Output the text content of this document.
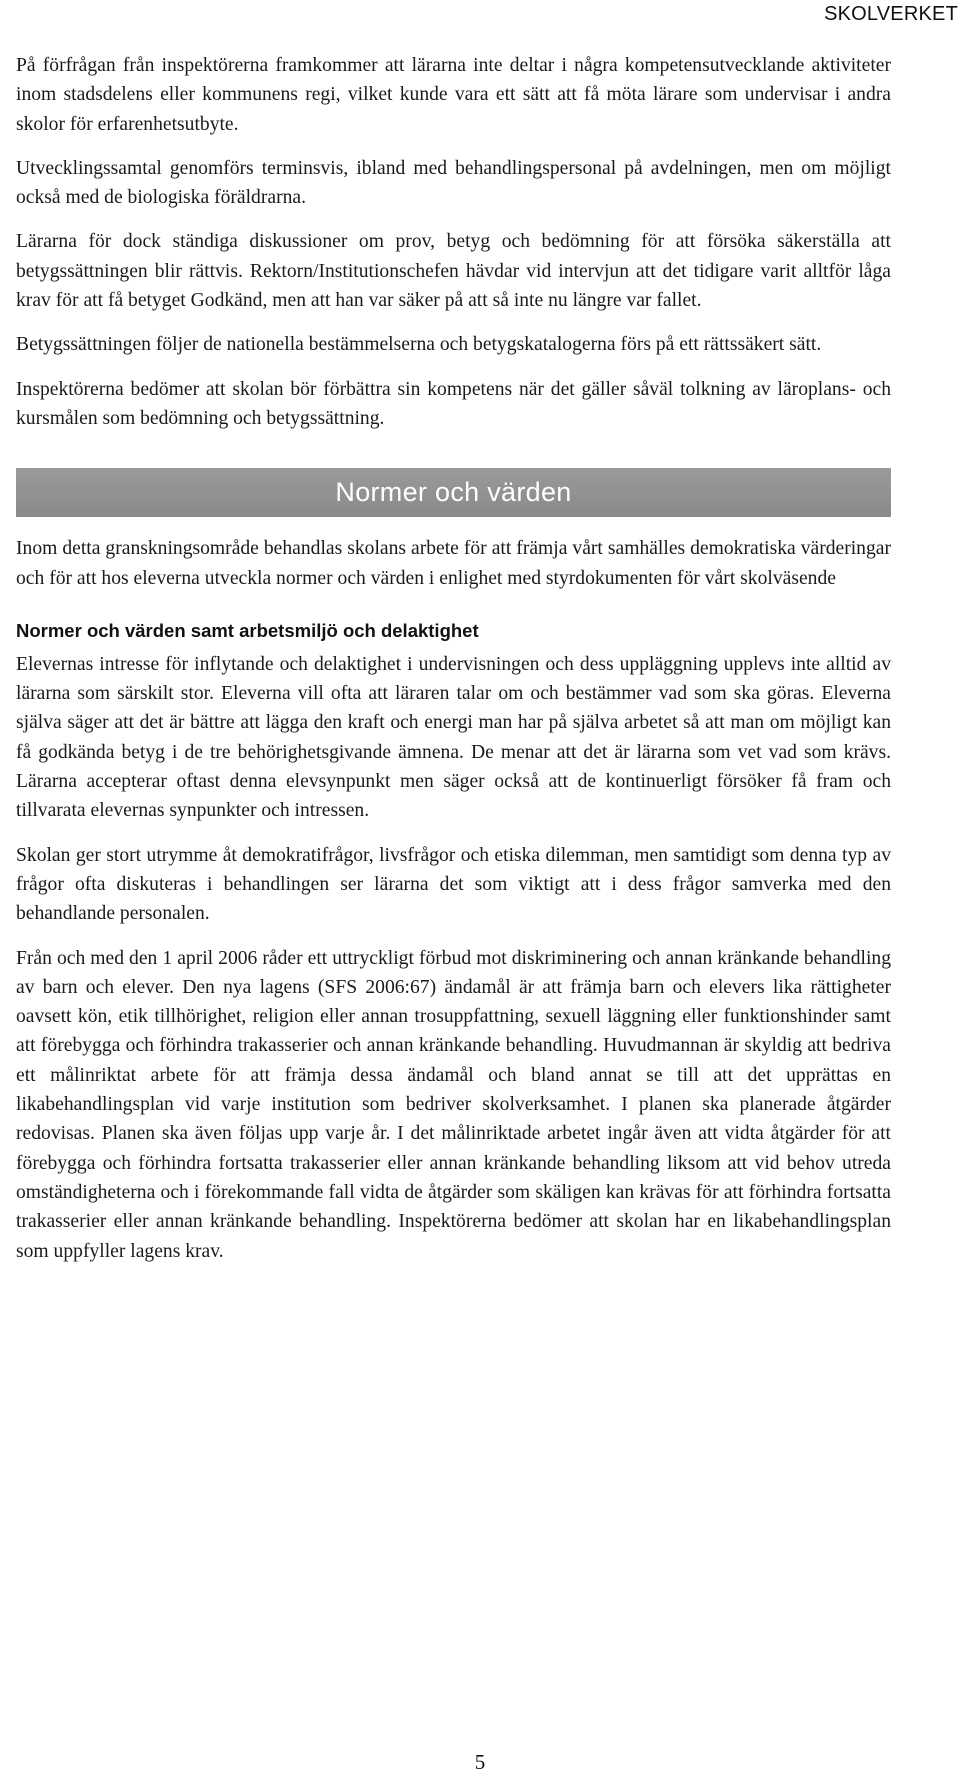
SKOLVERKET

På förfrågan från inspektörerna framkommer att lärarna inte deltar i några kompetensutvecklande aktiviteter inom stadsdelens eller kommunens regi, vilket kunde vara ett sätt att få möta lärare som undervisar i andra skolor för erfarenhetsutbyte.

Utvecklingssamtal genomförs terminsvis, ibland med behandlingspersonal på avdelningen, men om möjligt också med de biologiska föräldrarna.

Lärarna för dock ständiga diskussioner om prov, betyg och bedömning för att försöka säkerställa att betygssättningen blir rättvis. Rektorn/Institutionschefen hävdar vid intervjun att det tidigare varit alltför låga krav för att få betyget Godkänd, men att han var säker på att så inte nu längre var fallet.

Betygssättningen följer de nationella bestämmelserna och betygskatalogerna förs på ett rättssäkert sätt.

Inspektörerna bedömer att skolan bör förbättra sin kompetens när det gäller såväl tolkning av läroplans- och kursmålen som bedömning och betygssättning.

Normer och värden

Inom detta granskningsområde behandlas skolans arbete för att främja vårt samhälles demokratiska värderingar och för att hos eleverna utveckla normer och värden i enlighet med styrdokumenten för vårt skolväsende

Normer och värden samt arbetsmiljö och delaktighet

Elevernas intresse för inflytande och delaktighet i undervisningen och dess uppläggning upplevs inte alltid av lärarna som särskilt stor. Eleverna vill ofta att läraren talar om och bestämmer vad som ska göras. Eleverna själva säger att det är bättre att lägga den kraft och energi man har på själva arbetet så att man om möjligt kan få godkända betyg i de tre behörighetsgivande ämnena. De menar att det är lärarna som vet vad som krävs. Lärarna accepterar oftast denna elevsynpunkt men säger också att de kontinuerligt försöker få fram och tillvarata elevernas synpunkter och intressen.

Skolan ger stort utrymme åt demokratifrågor, livsfrågor och etiska dilemman, men samtidigt som denna typ av frågor ofta diskuteras i behandlingen ser lärarna det som viktigt att i dess frågor samverka med den behandlande personalen.

Från och med den 1 april 2006 råder ett uttryckligt förbud mot diskriminering och annan kränkande behandling av barn och elever. Den nya lagens (SFS 2006:67) ändamål är att främja barn och elevers lika rättigheter oavsett kön, etik tillhörighet, religion eller annan trosuppfattning, sexuell läggning eller funktionshinder samt att förebygga och förhindra trakasserier och annan kränkande behandling. Huvudmannan är skyldig att bedriva ett målinriktat arbete för att främja dessa ändamål och bland annat se till att det upprättas en likabehandlingsplan vid varje institution som bedriver skolverksamhet. I planen ska planerade åtgärder redovisas. Planen ska även följas upp varje år. I det målinriktade arbetet ingår även att vidta åtgärder för att förebygga och förhindra fortsatta trakasserier eller annan kränkande behandling liksom att vid behov utreda omständigheterna och i förekommande fall vidta de åtgärder som skäligen kan krävas för att förhindra fortsatta trakasserier eller annan kränkande behandling. Inspektörerna bedömer att skolan har en likabehandlingsplan som uppfyller lagens krav.

5
